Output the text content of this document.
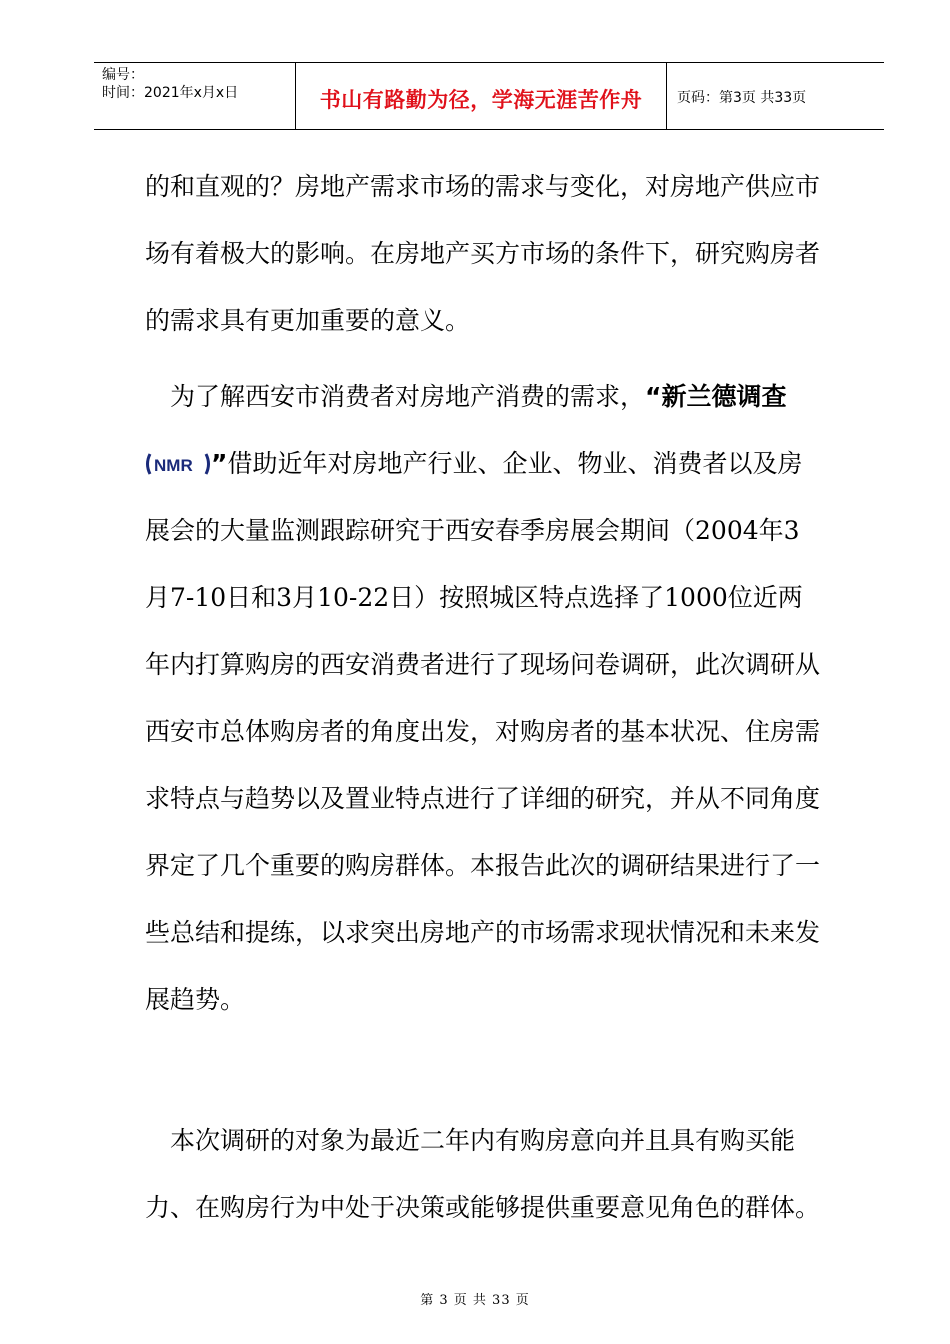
编号：
时间：2021年x月x日	书山有路勤为径，学海无涯苦作舟	页码：第3页 共33页
的和直观的？房地产需求市场的需求与变化，对房地产供应市
场有着极大的影响。在房地产买方市场的条件下，研究购房者
的需求具有更加重要的意义。
　为了解西安市消费者对房地产消费的需求，“新兰德调查
NMR ”借助近年对房地产行业、企业、物业、消费者以及房
展会的大量监测跟踪研究于西安春季房展会期间（2004年3
月7-10日和3月10-22日）按照城区特点选择了1000位近两
年内打算购房的西安消费者进行了现场问卷调研，此次调研从
西安市总体购房者的角度出发，对购房者的基本状况、住房需
求特点与趋势以及置业特点进行了详细的研究，并从不同角度
界定了几个重要的购房群体。本报告此次的调研结果进行了一
些总结和提练，以求突出房地产的市场需求现状情况和未来发
展趋势。
　本次调研的对象为最近二年内有购房意向并且具有购买能
力、在购房行为中处于决策或能够提供重要意见角色的群体。
第 3 页 共 33 页
